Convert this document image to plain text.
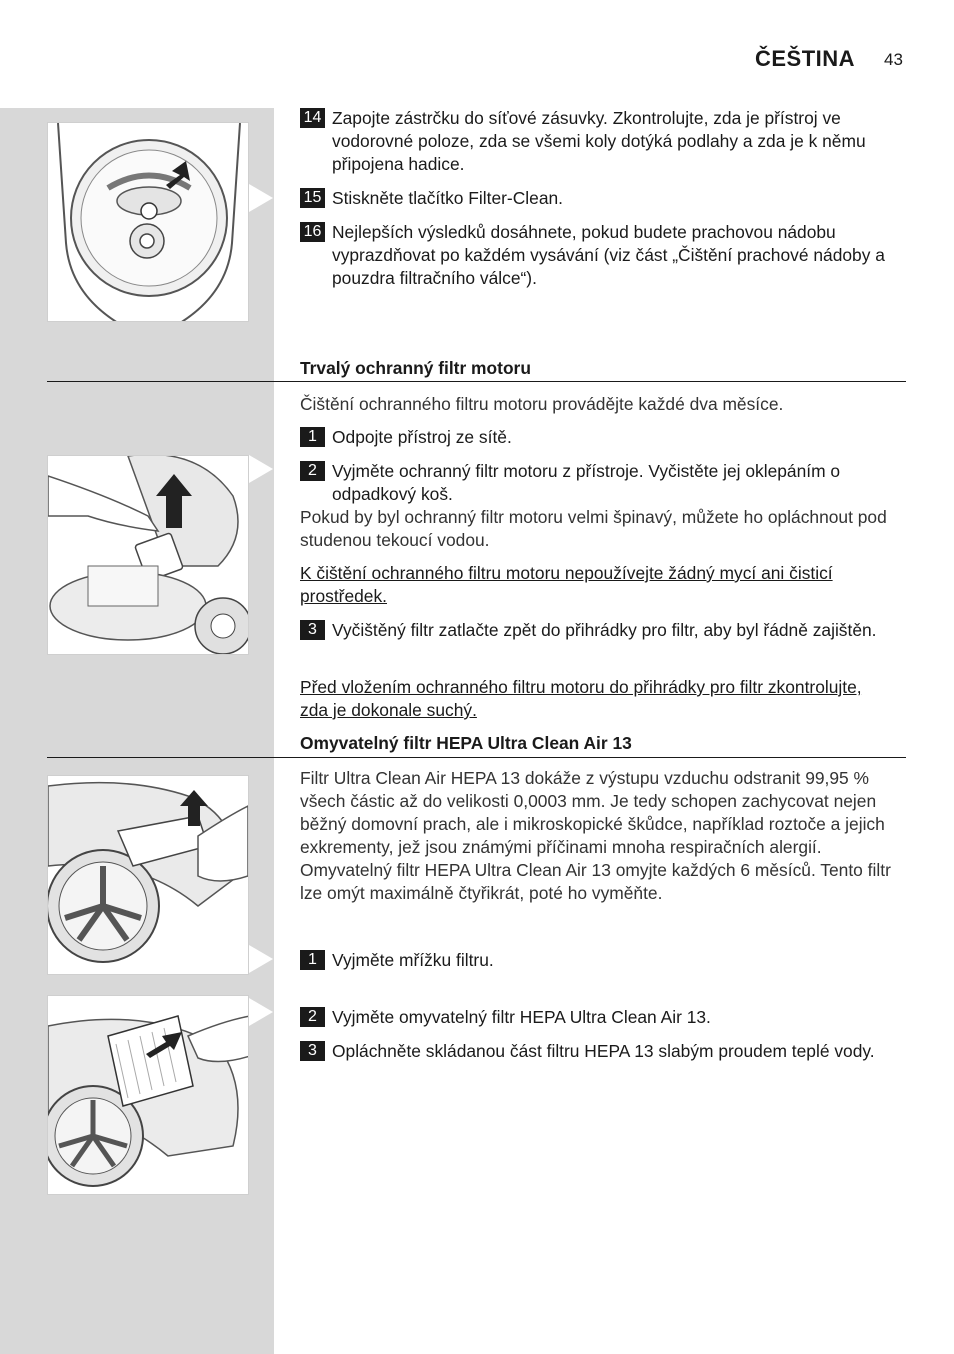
ČEŠTINA 43
14 Zapojte zástrčku do síťové zásuvky. Zkontrolujte, zda je přístroj ve vodorovné poloze, zda se všemi koly dotýká podlahy a zda je k němu připojena hadice.
15 Stiskněte tlačítko Filter-Clean.
16 Nejlepších výsledků dosáhnete, pokud budete prachovou nádobu vyprazdňovat po každém vysávání (viz část „Čištění prachové nádoby a pouzdra filtračního válce“).
Trvalý ochranný filtr motoru
Čištění ochranného filtru motoru provádějte každé dva měsíce.
1 Odpojte přístroj ze sítě.
2 Vyjměte ochranný filtr motoru z přístroje. Vyčistěte jej oklepáním o odpadkový koš.
Pokud by byl ochranný filtr motoru velmi špinavý, můžete ho opláchnout pod studenou tekoucí vodou.
K čištění ochranného filtru motoru nepoužívejte žádný mycí ani čisticí prostředek.
3 Vyčištěný filtr zatlačte zpět do přihrádky pro filtr, aby byl řádně zajištěn.
Před vložením ochranného filtru motoru do přihrádky pro filtr zkontrolujte, zda je dokonale suchý.
Omyvatelný filtr HEPA Ultra Clean Air 13
Filtr Ultra Clean Air HEPA 13 dokáže z výstupu vzduchu odstranit 99,95 % všech částic až do velikosti 0,0003 mm. Je tedy schopen zachycovat nejen běžný domovní prach, ale i mikroskopické škůdce, například roztoče a jejich exkrementy, jež jsou známými příčinami mnoha respiračních alergií. Omyvatelný filtr HEPA Ultra Clean Air 13 omyjte každých 6 měsíců. Tento filtr lze omýt maximálně čtyřikrát, poté ho vyměňte.
1 Vyjměte mřížku filtru.
2 Vyjměte omyvatelný filtr HEPA Ultra Clean Air 13.
3 Opláchněte skládanou část filtru HEPA 13 slabým proudem teplé vody.
